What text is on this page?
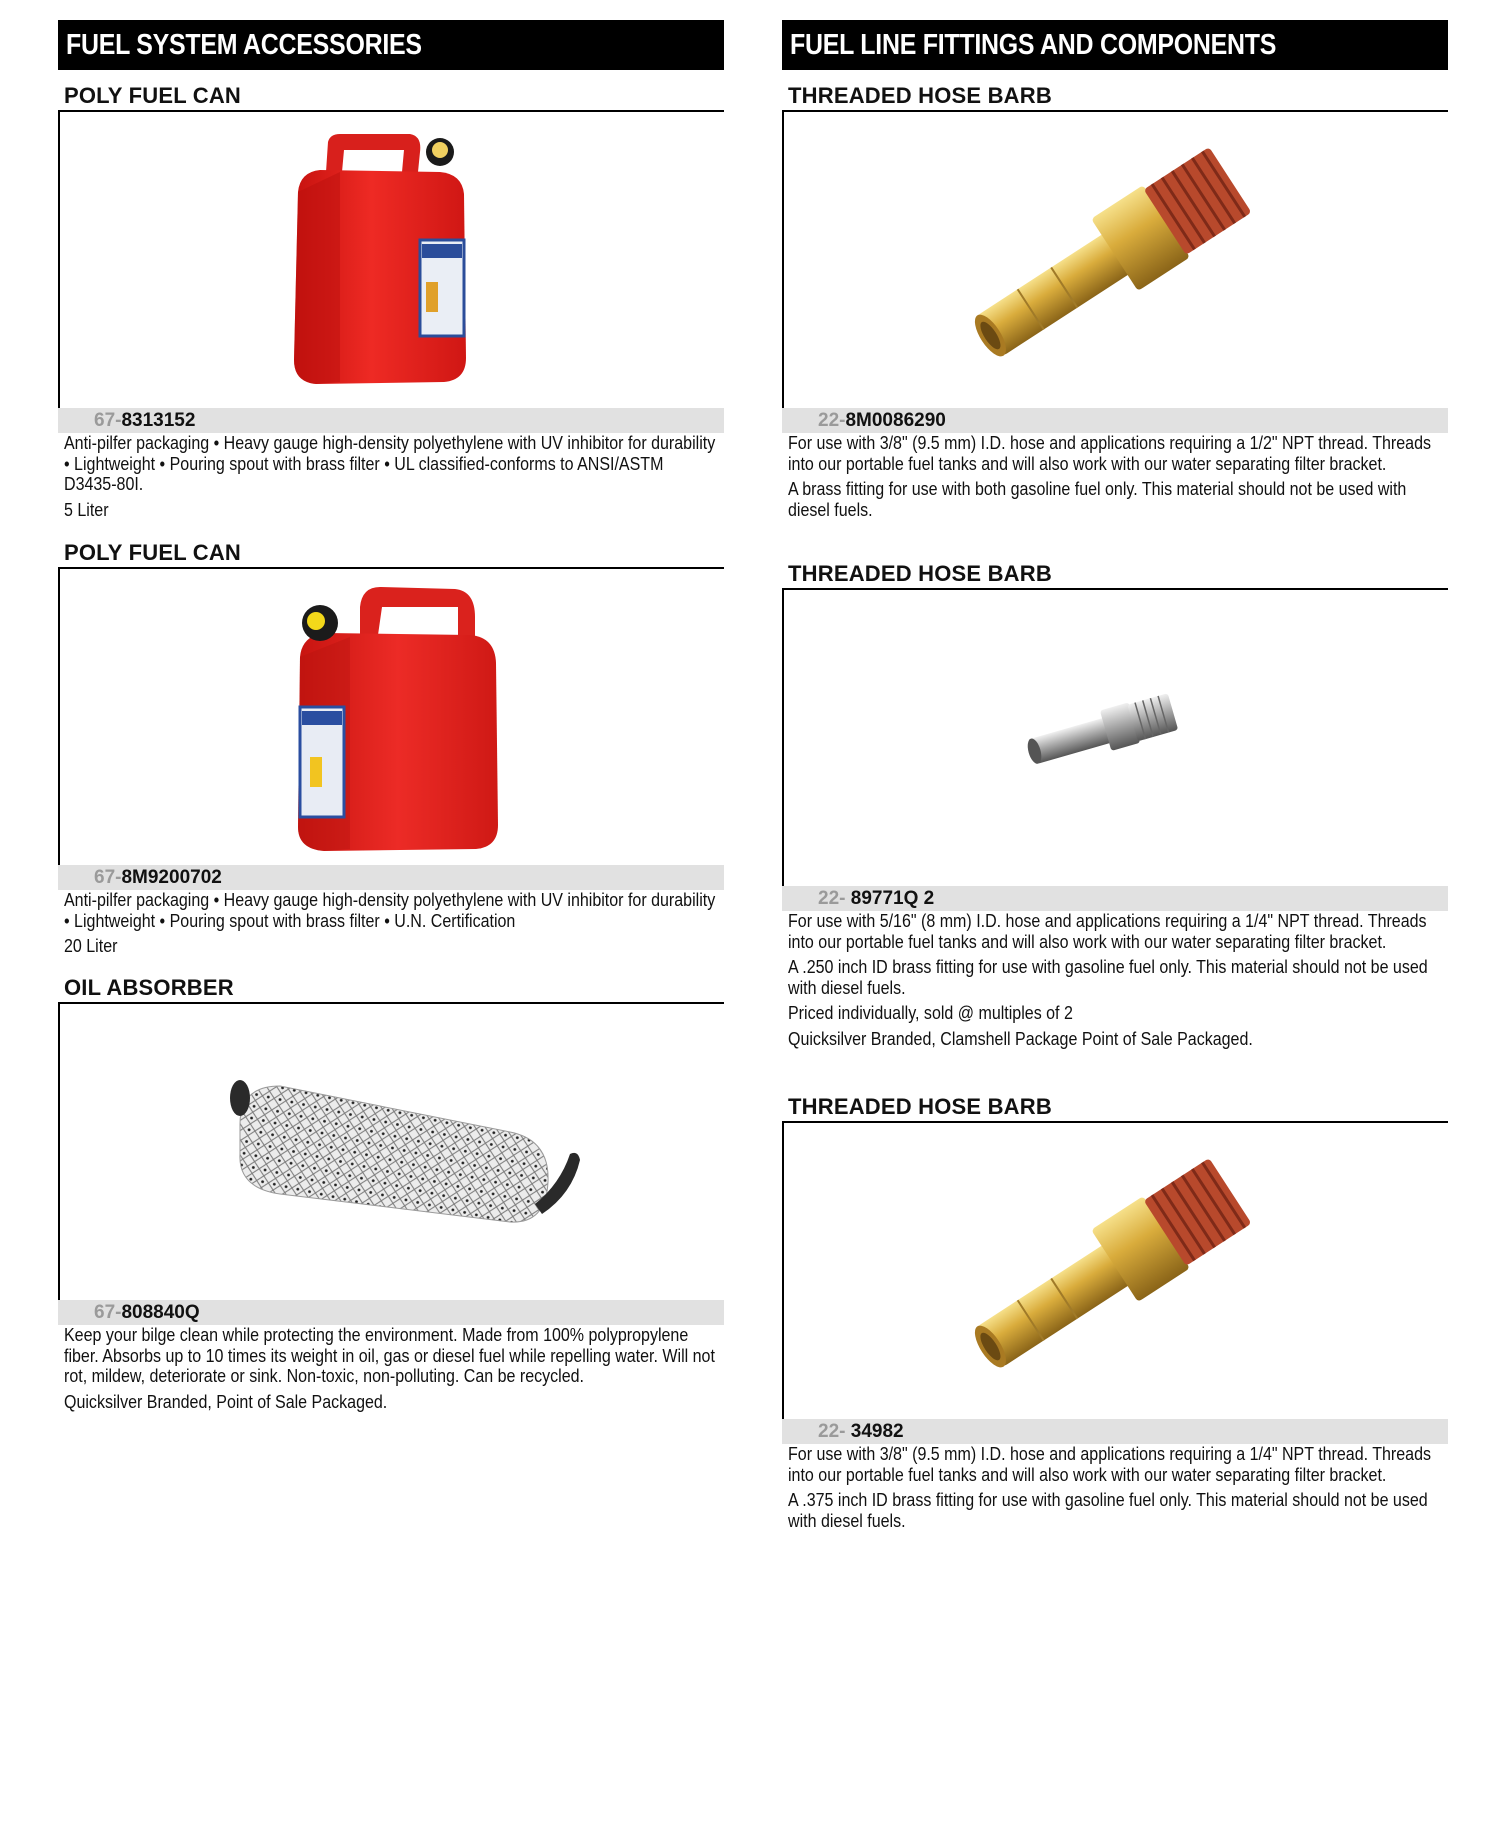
FUEL SYSTEM ACCESSORIES
POLY FUEL CAN
67-8313152

Anti-pilfer packaging • Heavy gauge high-density polyethylene with UV inhibitor for durability • Lightweight • Pouring spout with brass filter • UL classified-conforms to ANSI/ASTM D3435-80I.

5 Liter

POLY FUEL CAN
67-8M9200702

Anti-pilfer packaging • Heavy gauge high-density polyethylene with UV inhibitor for durability • Lightweight • Pouring spout with brass filter • U.N. Certification

20 Liter

OIL ABSORBER
67-808840Q

Keep your bilge clean while protecting the environment. Made from 100% polypropylene fiber. Absorbs up to 10 times its weight in oil, gas or diesel fuel while repelling water. Will not rot, mildew, deteriorate or sink. Non-toxic, non-polluting. Can be recycled.

Quicksilver Branded, Point of Sale Packaged.

FUEL LINE FITTINGS AND COMPONENTS
THREADED HOSE BARB
22-8M0086290

For use with 3/8" (9.5 mm) I.D. hose and applications requiring a 1/2" NPT thread. Threads into our portable fuel tanks and will also work with our water separating filter bracket.

A brass fitting for use with both gasoline fuel only. This material should not be used with diesel fuels.

THREADED HOSE BARB
22- 89771Q 2

For use with 5/16" (8 mm) I.D. hose and applications requiring a 1/4" NPT thread. Threads into our portable fuel tanks and will also work with our water separating filter bracket.

A .250 inch ID brass fitting for use with gasoline fuel only. This material should not be used with diesel fuels.

Priced individually, sold @ multiples of 2

Quicksilver Branded, Clamshell Package Point of Sale Packaged.

THREADED HOSE BARB
22- 34982

For use with 3/8" (9.5 mm) I.D. hose and applications requiring a 1/4" NPT thread. Threads into our portable fuel tanks and will also work with our water separating filter bracket.

A .375 inch ID brass fitting for use with gasoline fuel only. This material should not be used with diesel fuels.
